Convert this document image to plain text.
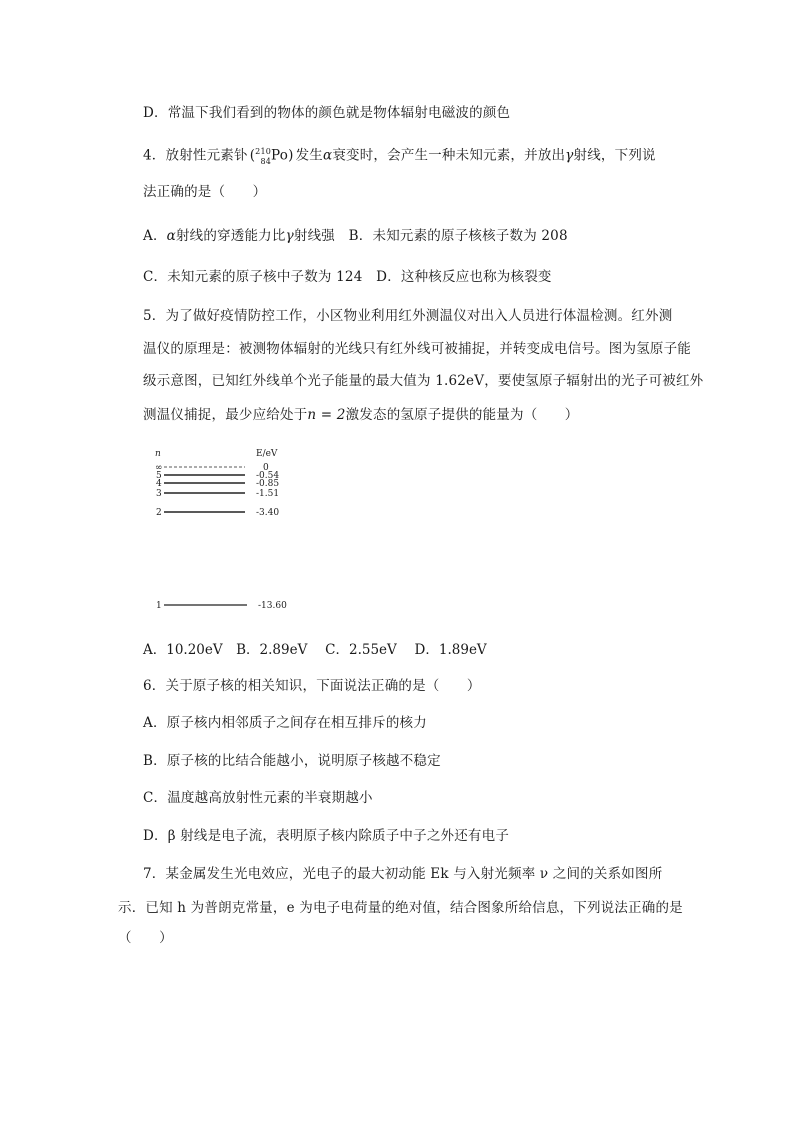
D．常温下我们看到的物体的颜色就是物体辐射电磁波的颜色
4．放射性元素钋 (210
84Po) 发生α衰变时，会产生一种未知元素，并放出γ射线，下列说
法正确的是（　　）
A．α射线的穿透能力比γ射线强　B．未知元素的原子核核子数为 208
C．未知元素的原子核中子数为 124　D．这种核反应也称为核裂变
5．为了做好疫情防控工作，小区物业利用红外测温仪对出入人员进行体温检测。红外测
温仪的原理是：被测物体辐射的光线只有红外线可被捕捉，并转变成电信号。图为氢原子能
级示意图，已知红外线单个光子能量的最大值为 1.62eV，要使氢原子辐射出的光子可被红外
测温仪捕捉，最少应给处于n = 2激发态的氢原子提供的能量为（　　）
n	E/eV
∞	0
5	-0.54
4	-0.85
3	-1.51
2	-3.40
1	-13.60
A．10.20eV　B．2.89eV　 C．2.55eV　 D．1.89eV
6．关于原子核的相关知识，下面说法正确的是（　　）
A．原子核内相邻质子之间存在相互排斥的核力
B．原子核的比结合能越小，说明原子核越不稳定
C．温度越高放射性元素的半衰期越小
D．β 射线是电子流，表明原子核内除质子中子之外还有电子
7．某金属发生光电效应，光电子的最大初动能 Ek 与入射光频率 ν 之间的关系如图所
示．已知 h 为普朗克常量，e 为电子电荷量的绝对值，结合图象所给信息，下列说法正确的是
（　　）
